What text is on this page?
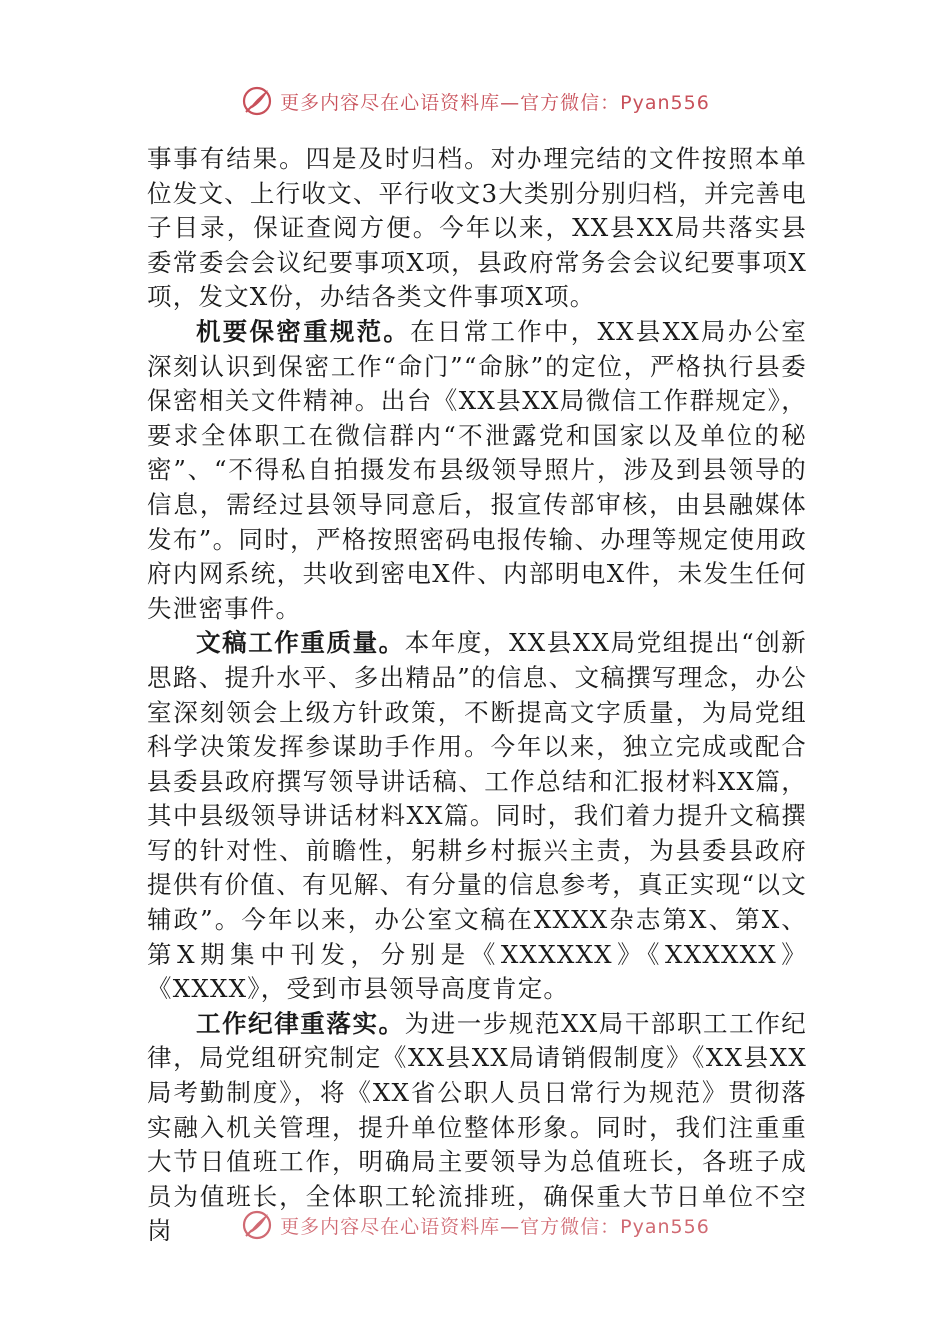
更多内容尽在心语资料库—官方微信：Pyan556

事事有结果。四是及时归档。对办理完结的文件按照本单位发文、上行收文、平行收文3大类别分别归档，并完善电子目录，保证查阅方便。今年以来，XX县XX局共落实县委常委会会议纪要事项X项，县政府常务会会议纪要事项X项，发文X份，办结各类文件事项X项。

机要保密重规范。在日常工作中，XX县XX局办公室深刻认识到保密工作“命门”“命脉”的定位，严格执行县委保密相关文件精神。出台《XX县XX局微信工作群规定》，要求全体职工在微信群内“不泄露党和国家以及单位的秘密”、“不得私自拍摄发布县级领导照片，涉及到县领导的信息，需经过县领导同意后，报宣传部审核，由县融媒体发布”。同时，严格按照密码电报传输、办理等规定使用政府内网系统，共收到密电X件、内部明电X件，未发生任何失泄密事件。

文稿工作重质量。本年度，XX县XX局党组提出“创新思路、提升水平、多出精品”的信息、文稿撰写理念，办公室深刻领会上级方针政策，不断提高文字质量，为局党组科学决策发挥参谋助手作用。今年以来，独立完成或配合县委县政府撰写领导讲话稿、工作总结和汇报材料XX篇，其中县级领导讲话材料XX篇。同时，我们着力提升文稿撰写的针对性、前瞻性，躬耕乡村振兴主责，为县委县政府提供有价值、有见解、有分量的信息参考，真正实现“以文辅政”。今年以来，办公室文稿在XXXX杂志第X、第X、第X期集中刊发，分别是《XXXXXX》《XXXXXX》《XXXX》，受到市县领导高度肯定。

工作纪律重落实。为进一步规范XX局干部职工工作纪律，局党组研究制定《XX县XX局请销假制度》《XX县XX局考勤制度》，将《XX省公职人员日常行为规范》贯彻落实融入机关管理，提升单位整体形象。同时，我们注重重大节日值班工作，明确局主要领导为总值班长，各班子成员为值班长，全体职工轮流排班，确保重大节日单位不空岗	更多内容尽在心语资料库—官方微信：Pyan556
